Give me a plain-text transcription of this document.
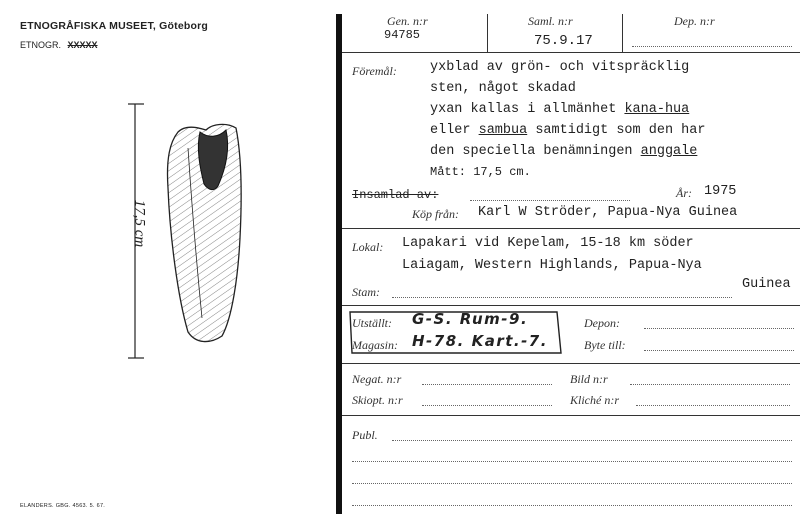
ETNOGRÅFISKA MUSEET, Göteborg
ETNOGR. XXXXX
17,5 cm
ELANDERS. GBG. 4563. 5. 67.
Gen. n:r
94785
Saml. n:r
75.9.17
Dep. n:r
Föremål: yxblad av grön- och vitspräcklig
sten, något skadad
yxan kallas i allmänhet kana-hua
eller sambua samtidigt som den har
den speciella benämningen anggale
Mått: 17,5 cm.
Insamlad av:	År: 1975
Köp från: Karl W Ströder, Papua-Nya Guinea
Lokal: Lapakari vid Kepelam, 15-18 km söder
Laiagam, Western Highlands, Papua-Nya
Guinea
Stam:
Utställt: G-S. Rum-9.
Magasin: H-78. Kart.-7.
Depon:
Byte till:
Negat. n:r
Skiopt. n:r
Bild n:r
Kliché n:r
Publ.
